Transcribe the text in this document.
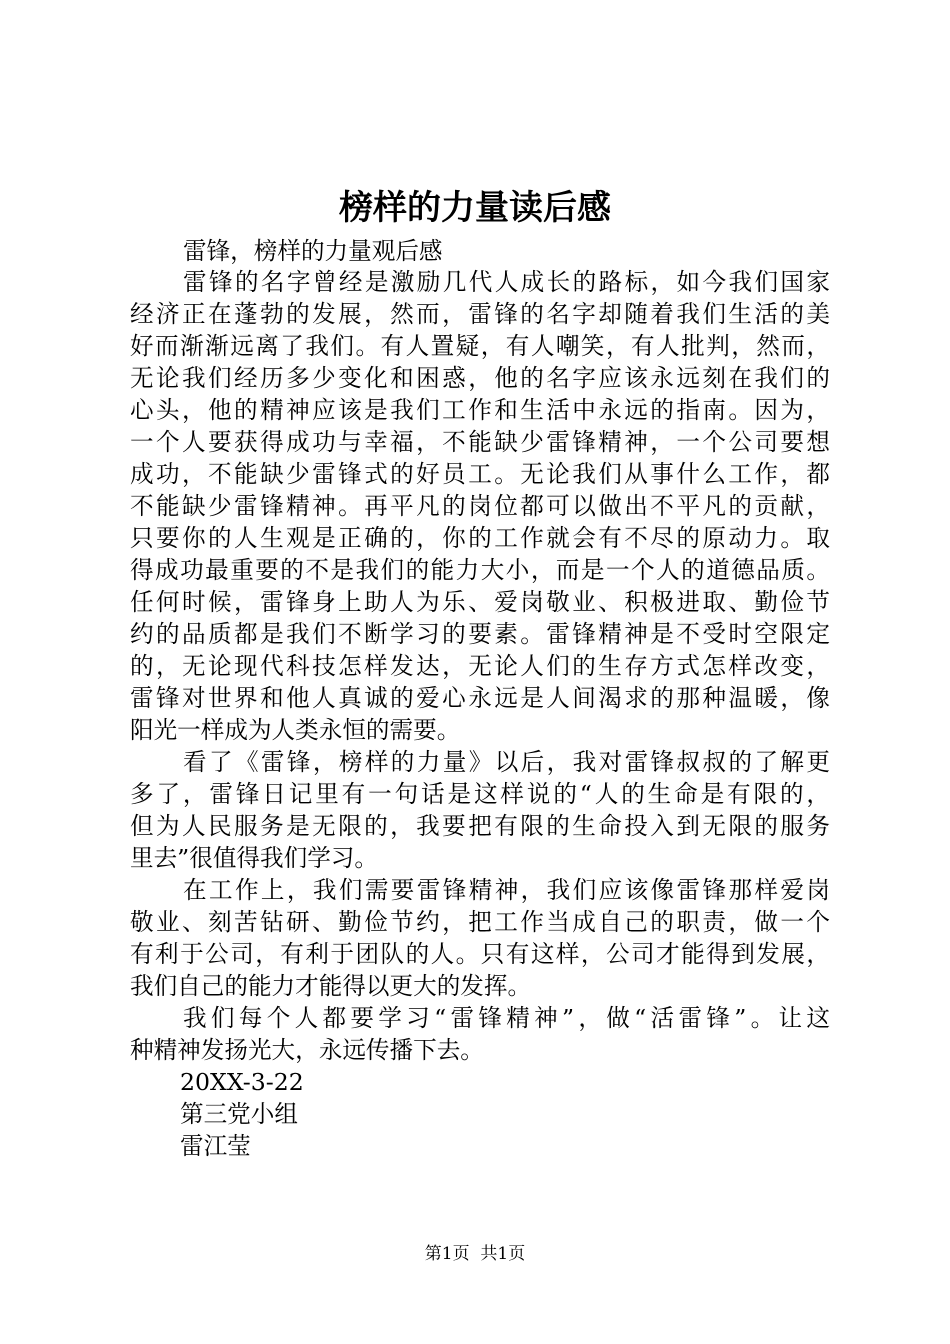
榜样的力量读后感
雷锋，榜样的力量观后感
雷锋的名字曾经是激励几代人成长的路标，如今我们国家
经济正在蓬勃的发展，然而，雷锋的名字却随着我们生活的美
好而渐渐远离了我们。有人置疑，有人嘲笑，有人批判，然而，
无论我们经历多少变化和困惑，他的名字应该永远刻在我们的
心头，他的精神应该是我们工作和生活中永远的指南。因为，
一个人要获得成功与幸福，不能缺少雷锋精神，一个公司要想
成功，不能缺少雷锋式的好员工。无论我们从事什么工作，都
不能缺少雷锋精神。再平凡的岗位都可以做出不平凡的贡献，
只要你的人生观是正确的，你的工作就会有不尽的原动力。取
得成功最重要的不是我们的能力大小，而是一个人的道德品质。
任何时候，雷锋身上助人为乐、爱岗敬业、积极进取、勤俭节
约的品质都是我们不断学习的要素。雷锋精神是不受时空限定
的，无论现代科技怎样发达，无论人们的生存方式怎样改变，
雷锋对世界和他人真诚的爱心永远是人间渴求的那种温暖，像
阳光一样成为人类永恒的需要。
看了《雷锋，榜样的力量》以后，我对雷锋叔叔的了解更
多了，雷锋日记里有一句话是这样说的“人的生命是有限的，
但为人民服务是无限的，我要把有限的生命投入到无限的服务
里去”很值得我们学习。
在工作上，我们需要雷锋精神，我们应该像雷锋那样爱岗
敬业、刻苦钻研、勤俭节约，把工作当成自己的职责，做一个
有利于公司，有利于团队的人。只有这样，公司才能得到发展，
我们自己的能力才能得以更大的发挥。
我们每个人都要学习“雷锋精神”，做“活雷锋”。让这
种精神发扬光大，永远传播下去。
20XX-3-22
第三党小组
雷江莹
第1页  共1页
